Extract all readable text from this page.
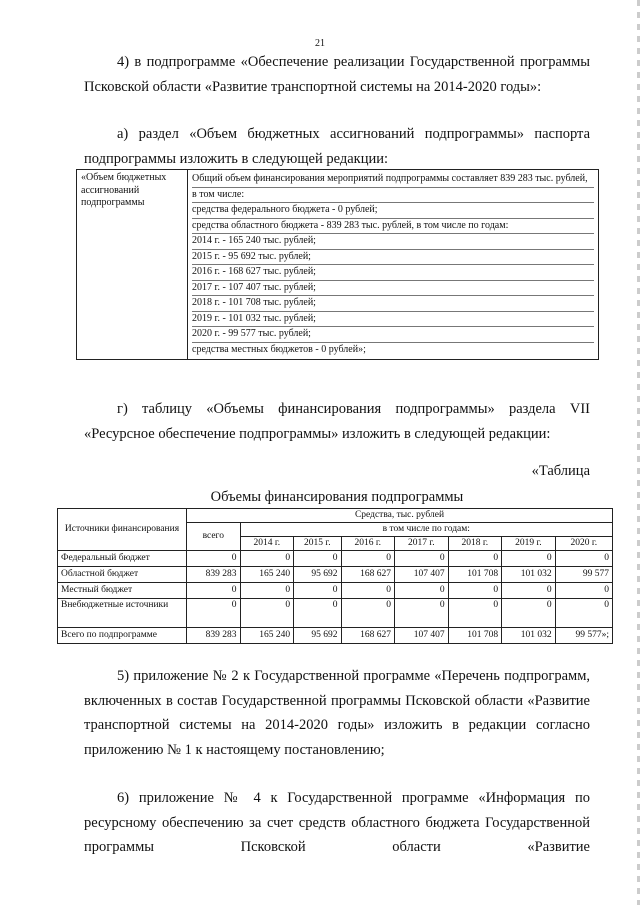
21

4) в подпрограмме «Обеспечение реализации Государственной программы Псковской области «Развитие транспортной системы на 2014-2020 годы»:

а) раздел «Объем бюджетных ассигнований подпрограммы» паспорта подпрограммы изложить в следующей редакции:

«Объем бюджетных ассигнований подпрограммы	
Общий объем финансирования мероприятий подпрограммы составляет 839 283 тыс. рублей,
в том числе:
средства федерального бюджета - 0 рублей;
средства областного бюджета - 839 283 тыс. рублей, в том числе по годам:
2014 г. - 165 240 тыс. рублей;
2015 г. - 95 692 тыс. рублей;
2016 г. - 168 627 тыс. рублей;
2017 г. - 107 407 тыс. рублей;
2018 г. - 101 708 тыс. рублей;
2019 г. - 101 032 тыс. рублей;
2020 г. - 99 577 тыс. рублей;
средства местных бюджетов - 0 рублей»;

г) таблицу «Объемы финансирования подпрограммы» раздела VII «Ресурсное обеспечение подпрограммы» изложить в следующей редакции:

«Таблица

Объемы финансирования подпрограммы

Источники финансирования	Средства, тыс. рублей							
	всего	в том числе по годам:						
		2014 г.	2015 г.	2016 г.	2017 г.	2018 г.	2019 г.	2020 г.
Федеральный бюджет	0	0	0	0	0	0	0	0
Областной бюджет	839 283	165 240	95 692	168 627	107 407	101 708	101 032	99 577
Местный бюджет	0	0	0	0	0	0	0	0
Внебюджетные источники	0	0	0	0	0	0	0	0
Всего по подпрограмме	839 283	165 240	95 692	168 627	107 407	101 708	101 032	99 577»;

5) приложение № 2 к Государственной программе «Перечень подпрограмм, включенных в состав Государственной программы Псковской области «Развитие транспортной системы на 2014-2020 годы» изложить в редакции согласно приложению № 1 к настоящему постановлению;

6) приложение № 4 к Государственной программе «Информация по ресурсному обеспечению за счет средств областного бюджета Государственной программы Псковской области «Развитие
